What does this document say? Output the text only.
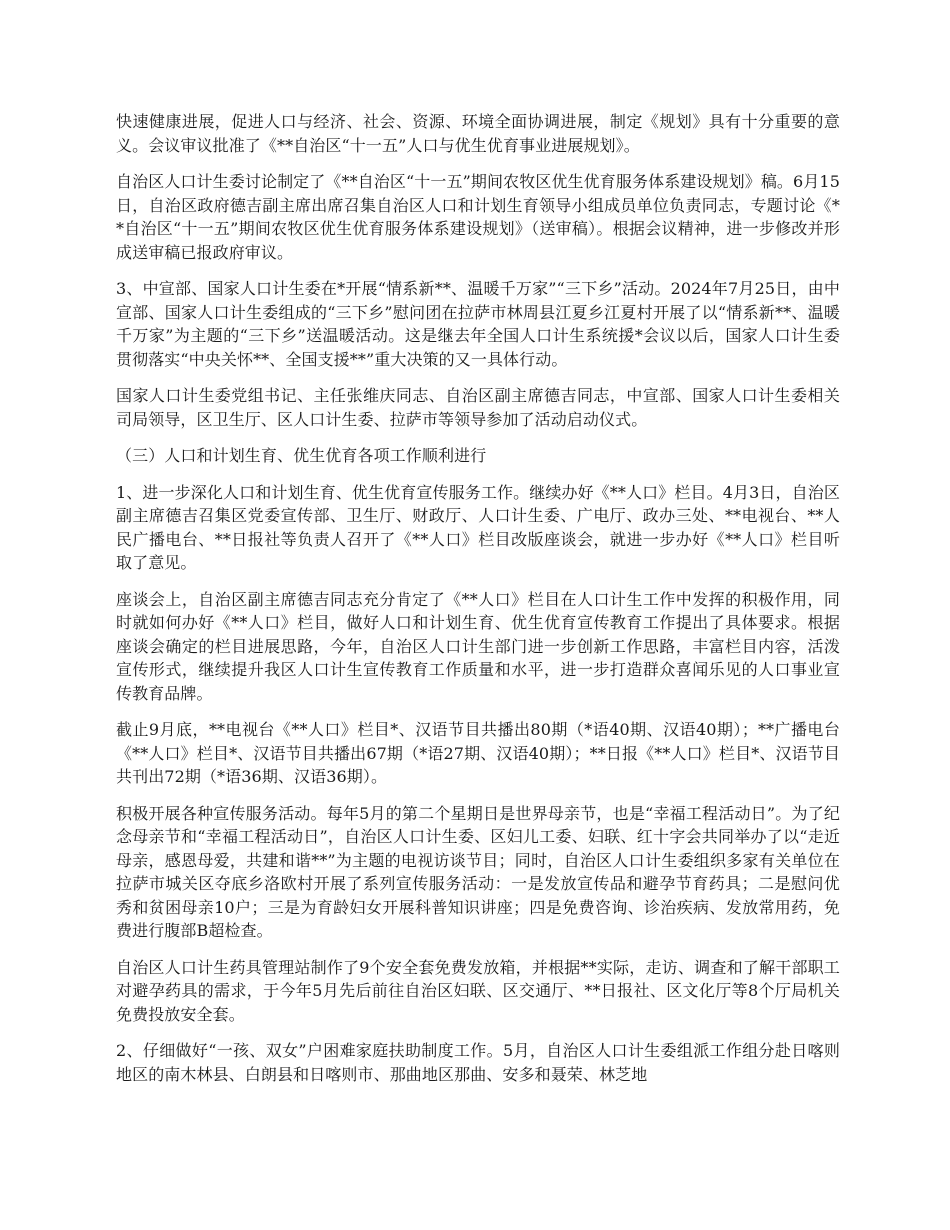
快速健康进展，促进人口与经济、社会、资源、环境全面协调进展，制定《规划》具有十分重要的意义。会议审议批准了《**自治区“十一五”人口与优生优育事业进展规划》。

自治区人口计生委讨论制定了《**自治区“十一五”期间农牧区优生优育服务体系建设规划》稿。6月15日，自治区政府德吉副主席出席召集自治区人口和计划生育领导小组成员单位负责同志，专题讨论《**自治区“十一五”期间农牧区优生优育服务体系建设规划》（送审稿）。根据会议精神，进一步修改并形成送审稿已报政府审议。

3、中宣部、国家人口计生委在*开展“情系新**、温暖千万家”“三下乡”活动。2024年7月25日，由中宣部、国家人口计生委组成的“三下乡”慰问团在拉萨市林周县江夏乡江夏村开展了以“情系新**、温暖千万家”为主题的“三下乡”送温暖活动。这是继去年全国人口计生系统援*会议以后，国家人口计生委贯彻落实“中央关怀**、全国支援**”重大决策的又一具体行动。

国家人口计生委党组书记、主任张维庆同志、自治区副主席德吉同志，中宣部、国家人口计生委相关司局领导，区卫生厅、区人口计生委、拉萨市等领导参加了活动启动仪式。

（三）人口和计划生育、优生优育各项工作顺利进行

1、进一步深化人口和计划生育、优生优育宣传服务工作。继续办好《**人口》栏目。4月3日，自治区副主席德吉召集区党委宣传部、卫生厅、财政厅、人口计生委、广电厅、政办三处、**电视台、**人民广播电台、**日报社等负责人召开了《**人口》栏目改版座谈会，就进一步办好《**人口》栏目听取了意见。

座谈会上，自治区副主席德吉同志充分肯定了《**人口》栏目在人口计生工作中发挥的积极作用，同时就如何办好《**人口》栏目，做好人口和计划生育、优生优育宣传教育工作提出了具体要求。根据座谈会确定的栏目进展思路，今年，自治区人口计生部门进一步创新工作思路，丰富栏目内容，活泼宣传形式，继续提升我区人口计生宣传教育工作质量和水平，进一步打造群众喜闻乐见的人口事业宣传教育品牌。

截止9月底，**电视台《**人口》栏目*、汉语节目共播出80期（*语40期、汉语40期）；**广播电台《**人口》栏目*、汉语节目共播出67期（*语27期、汉语40期）；**日报《**人口》栏目*、汉语节目共刊出72期（*语36期、汉语36期）。

积极开展各种宣传服务活动。每年5月的第二个星期日是世界母亲节，也是“幸福工程活动日”。为了纪念母亲节和“幸福工程活动日”，自治区人口计生委、区妇儿工委、妇联、红十字会共同举办了以“走近母亲，感恩母爱，共建和谐**”为主题的电视访谈节目；同时，自治区人口计生委组织多家有关单位在拉萨市城关区夺底乡洛欧村开展了系列宣传服务活动：一是发放宣传品和避孕节育药具；二是慰问优秀和贫困母亲10户；三是为育龄妇女开展科普知识讲座；四是免费咨询、诊治疾病、发放常用药，免费进行腹部B超检查。

自治区人口计生药具管理站制作了9个安全套免费发放箱，并根据**实际，走访、调查和了解干部职工对避孕药具的需求，于今年5月先后前往自治区妇联、区交通厅、**日报社、区文化厅等8个厅局机关免费投放安全套。

2、仔细做好“一孩、双女”户困难家庭扶助制度工作。5月，自治区人口计生委组派工作组分赴日喀则地区的南木林县、白朗县和日喀则市、那曲地区那曲、安多和聂荣、林芝地
